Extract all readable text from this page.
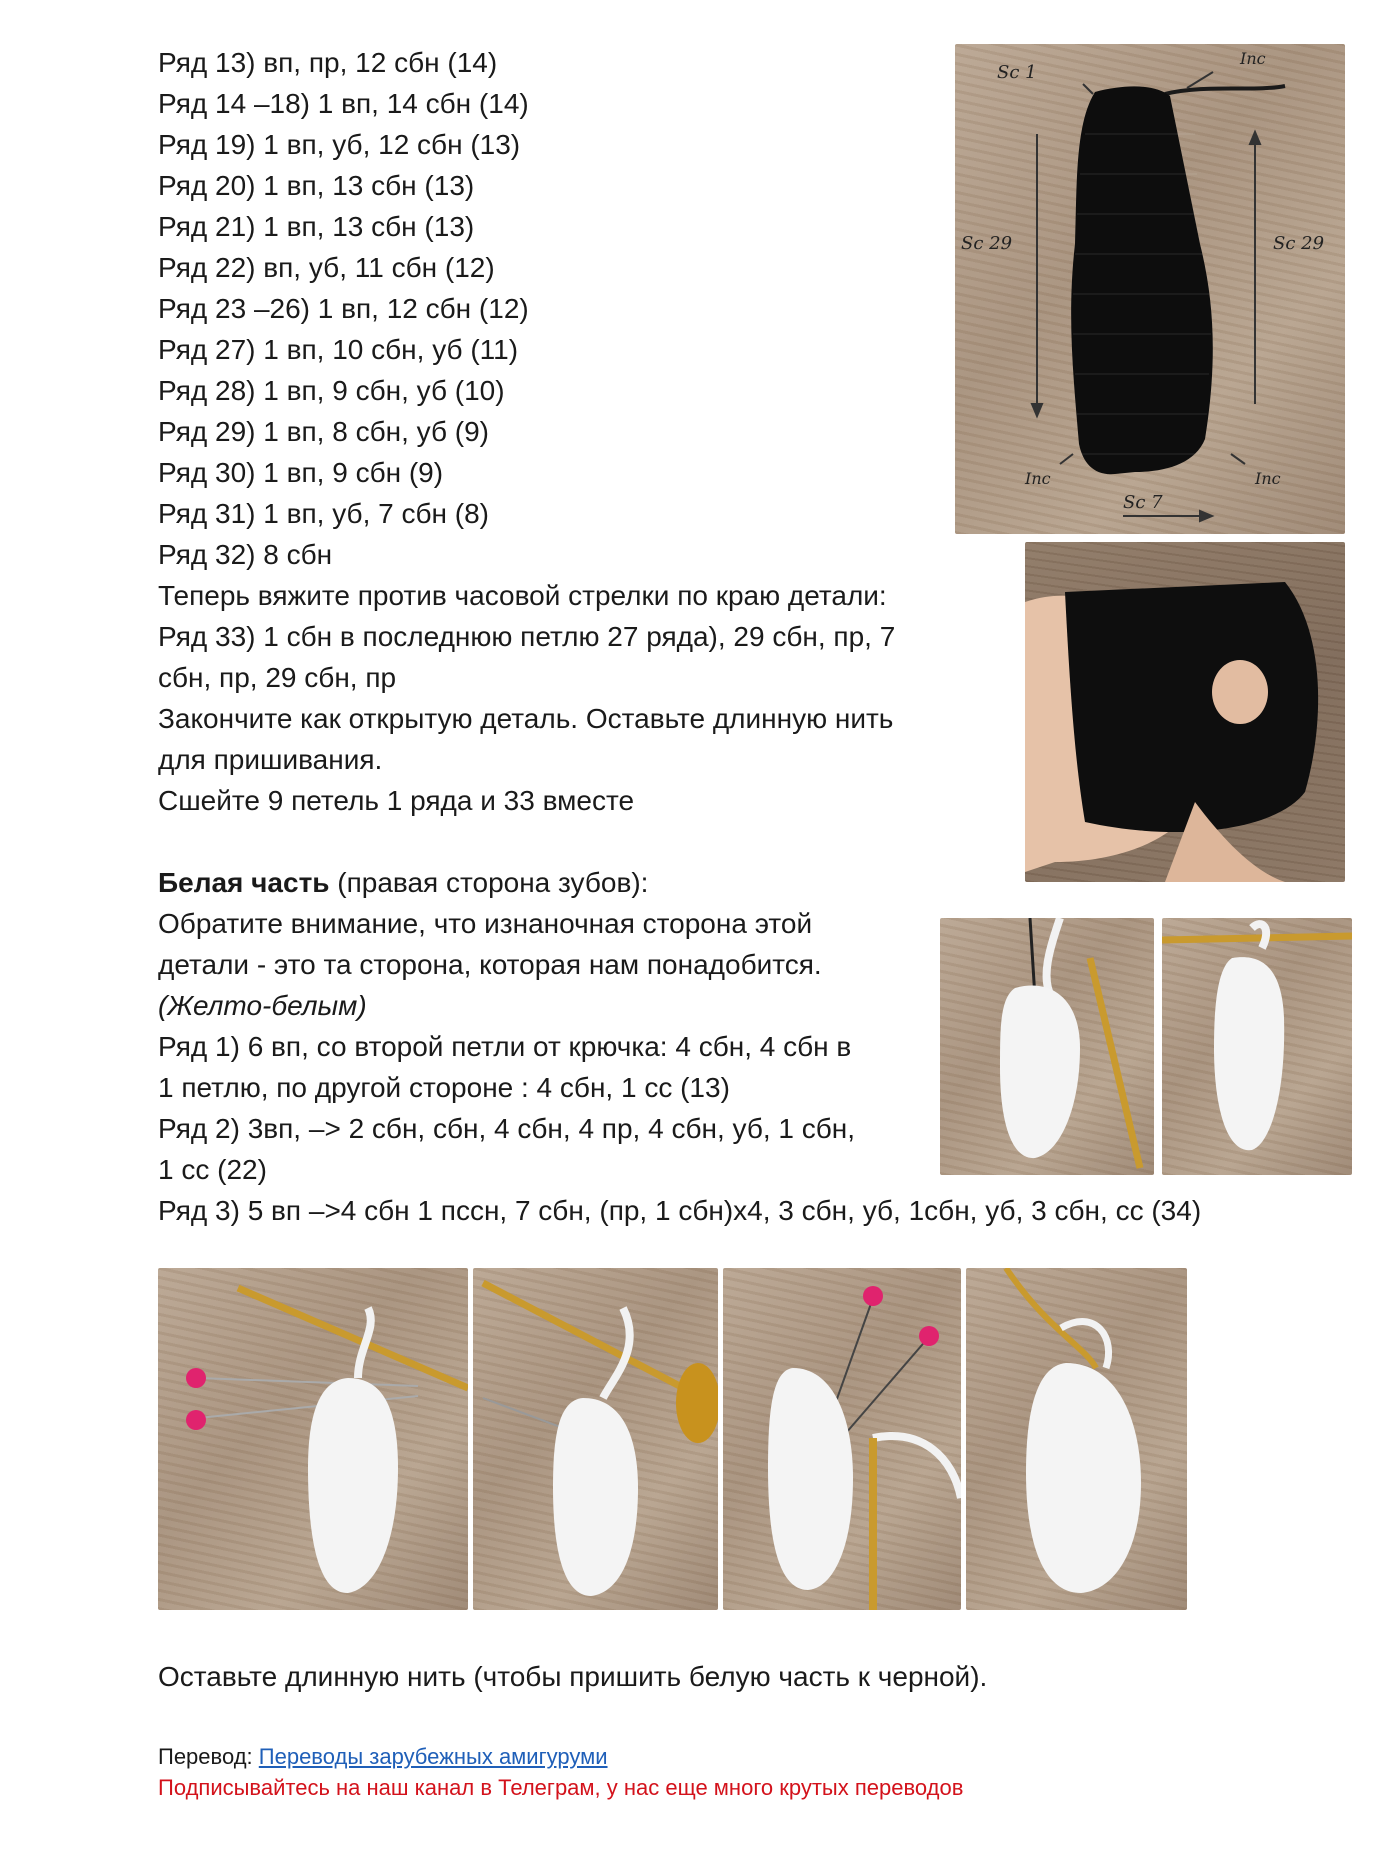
Ряд 13) вп, пр, 12 сбн (14)
Ряд 14 –18) 1 вп, 14 сбн (14)
Ряд 19) 1 вп, уб, 12 сбн (13)
Ряд 20) 1 вп, 13 сбн (13)
Ряд 21) 1 вп, 13 сбн (13)
Ряд 22) вп, уб, 11 сбн (12)
Ряд 23 –26) 1 вп, 12 сбн (12)
Ряд 27) 1 вп, 10 сбн, уб (11)
Ряд 28) 1 вп, 9 сбн, уб (10)
Ряд 29) 1 вп, 8 сбн, уб (9)
Ряд 30) 1 вп, 9 сбн (9)
Ряд 31) 1 вп, уб, 7 сбн (8)
Ряд 32) 8 сбн
Теперь вяжите против часовой стрелки по краю детали:
Ряд 33) 1 сбн в последнюю петлю 27 ряда), 29 сбн, пр, 7
сбн, пр, 29 сбн, пр
Закончите как открытую деталь. Оставьте длинную нить
для пришивания.
Сшейте 9 петель 1 ряда и 33 вместе
Белая часть (правая сторона зубов):
Обратите внимание, что изнаночная сторона этой
детали - это та сторона, которая нам понадобится.
(Желто-белым)
Ряд 1) 6 вп, со второй петли от крючка: 4 сбн, 4 сбн в
1 петлю, по другой стороне : 4 сбн, 1 сс (13)
Ряд 2) 3вп, –> 2 сбн, сбн, 4 сбн, 4 пр, 4 сбн, уб, 1 сбн,
1 сс (22)
Ряд 3) 5 вп –>4 сбн 1 пссн, 7 сбн, (пр, 1 сбн)x4, 3 сбн, уб, 1сбн, уб, 3 сбн, сс (34)
Sc 1
Inc
Sc 29	Sc 29
Inc	Inc
Sc 7
Оставьте длинную нить (чтобы пришить белую часть к черной).
Перевод: Переводы зарубежных амигуруми
Подписывайтесь на наш канал в Телеграм, у нас еще много крутых переводов
